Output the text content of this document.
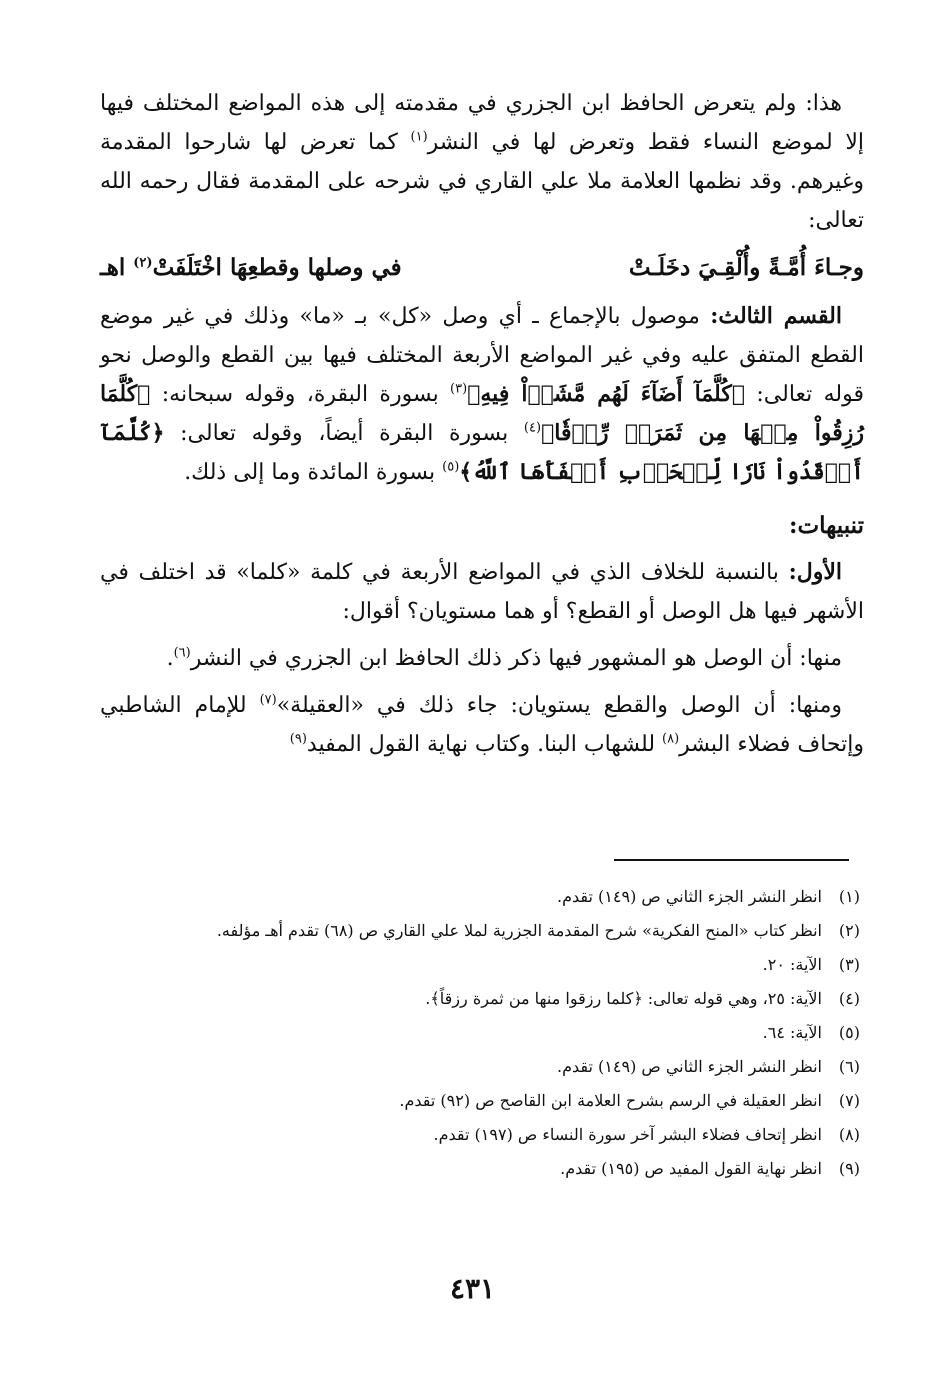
هذا: ولم يتعرض الحافظ ابن الجزري في مقدمته إلى هذه المواضع المختلف فيها إلا لموضع النساء فقط وتعرض لها في النشر$^{(١)}$ كما تعرض لها شارحوا المقدمة وغيرهم. وقد نظمها العلامة ملا علي القاري في شرحه على المقدمة فقال رحمه الله تعالى:

وجـاءَ أُمَّـةً وأُلْقِـيَ دخَلَـتْ
في وصلها وقطعِهَا اخْتَلَفَتْ$^{(٢)}$ اهـ

القسم الثالث: موصول بالإجماع ـ أي وصل «كل» بـ «ما» وذلك في غير موضع القطع المتفق عليه وفي غير المواضع الأربعة المختلف فيها بين القطع والوصل نحو قوله تعالى: ﴿كُلَّمَآ أَضَآءَ لَهُم مَّشَوۡاْ فِيهِ﴾$^{(٣)}$ بسورة البقرة، وقوله سبحانه: ﴿كُلَّمَا رُزِقُواْ مِنۡهَا مِن ثَمَرَةٖ رِّزۡقٗا﴾$^{(٤)}$ بسورة البقرة أيضاً، وقوله تعالى: ﴿كُلَّمَآ أَوۡقَدُواْ نَارٗا لِّلۡحَرۡبِ أَطۡفَأَهَا ٱللَّهُ﴾$^{(٥)}$ بسورة المائدة وما إلى ذلك.

تنبيهات:

الأول: بالنسبة للخلاف الذي في المواضع الأربعة في كلمة «كلما» قد اختلف في الأشهر فيها هل الوصل أو القطع؟ أو هما مستويان؟ أقوال:

منها: أن الوصل هو المشهور فيها ذكر ذلك الحافظ ابن الجزري في النشر$^{(٦)}$.

ومنها: أن الوصل والقطع يستويان: جاء ذلك في «العقيلة»$^{(٧)}$ للإمام الشاطبي وإتحاف فضلاء البشر$^{(٨)}$ للشهاب البنا. وكتاب نهاية القول المفيد$^{(٩)}$

(١)انظر النشر الجزء الثاني ص (١٤٩) تقدم.
(٢)انظر كتاب «المنح الفكرية» شرح المقدمة الجزرية لملا علي القاري ص (٦٨) تقدم أهـ مؤلفه.
(٣)الآية: ٢٠.
(٤)الآية: ٢٥، وهي قوله تعالى: ﴿كلما رزقوا منها من ثمرة رزقاً﴾.
(٥)الآية: ٦٤.
(٦)انظر النشر الجزء الثاني ص (١٤٩) تقدم.
(٧)انظر العقيلة في الرسم بشرح العلامة ابن القاصح ص (٩٢) تقدم.
(٨)انظر إتحاف فضلاء البشر آخر سورة النساء ص (١٩٧) تقدم.
(٩)انظر نهاية القول المفيد ص (١٩٥) تقدم.
٤٣١
